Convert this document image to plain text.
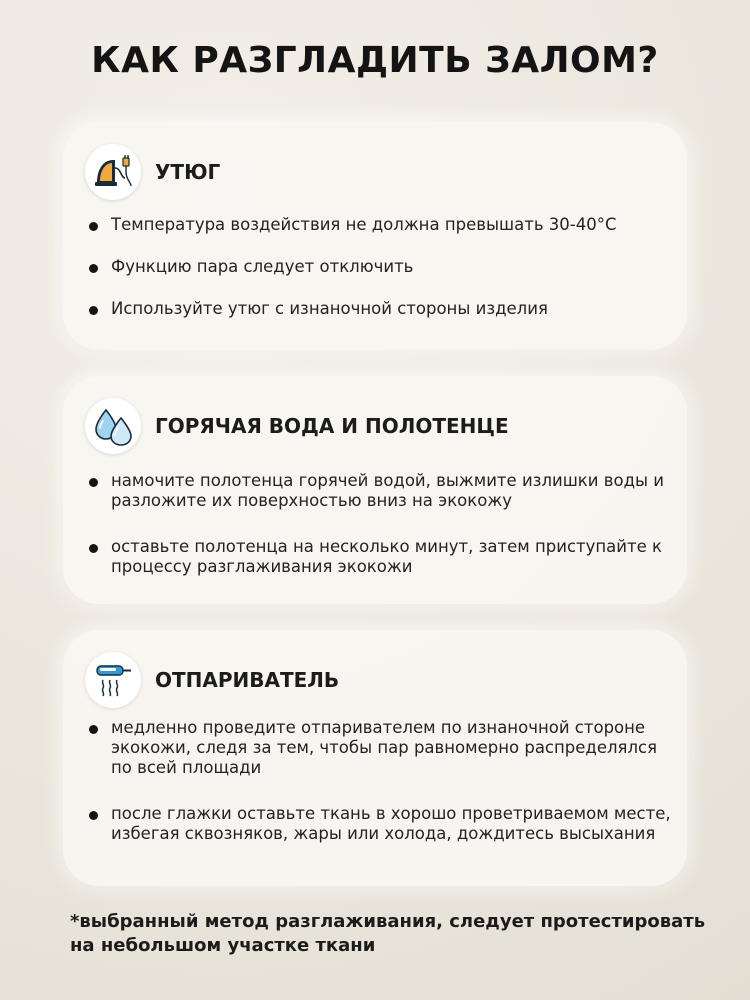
КАК РАЗГЛАДИТЬ ЗАЛОМ?
УТЮГ
Температура воздействия не должна превышать 30-40°С
Функцию пара следует отключить
Используйте утюг с изнаночной стороны изделия
ГОРЯЧАЯ ВОДА И ПОЛОТЕНЦЕ
намочите полотенца горячей водой, выжмите излишки воды и разложите их поверхностью вниз на экокожу
оставьте полотенца на несколько минут, затем приступайте к процессу разглаживания экокожи
ОТПАРИВАТЕЛЬ
медленно проведите отпаривателем по изнаночной стороне экокожи, следя за тем, чтобы пар равномерно распределялся по всей площади
после глажки оставьте ткань в хорошо проветриваемом месте, избегая сквозняков, жары или холода, дождитесь высыхания
*выбранный метод разглаживания, следует протестировать на небольшом участке ткани
